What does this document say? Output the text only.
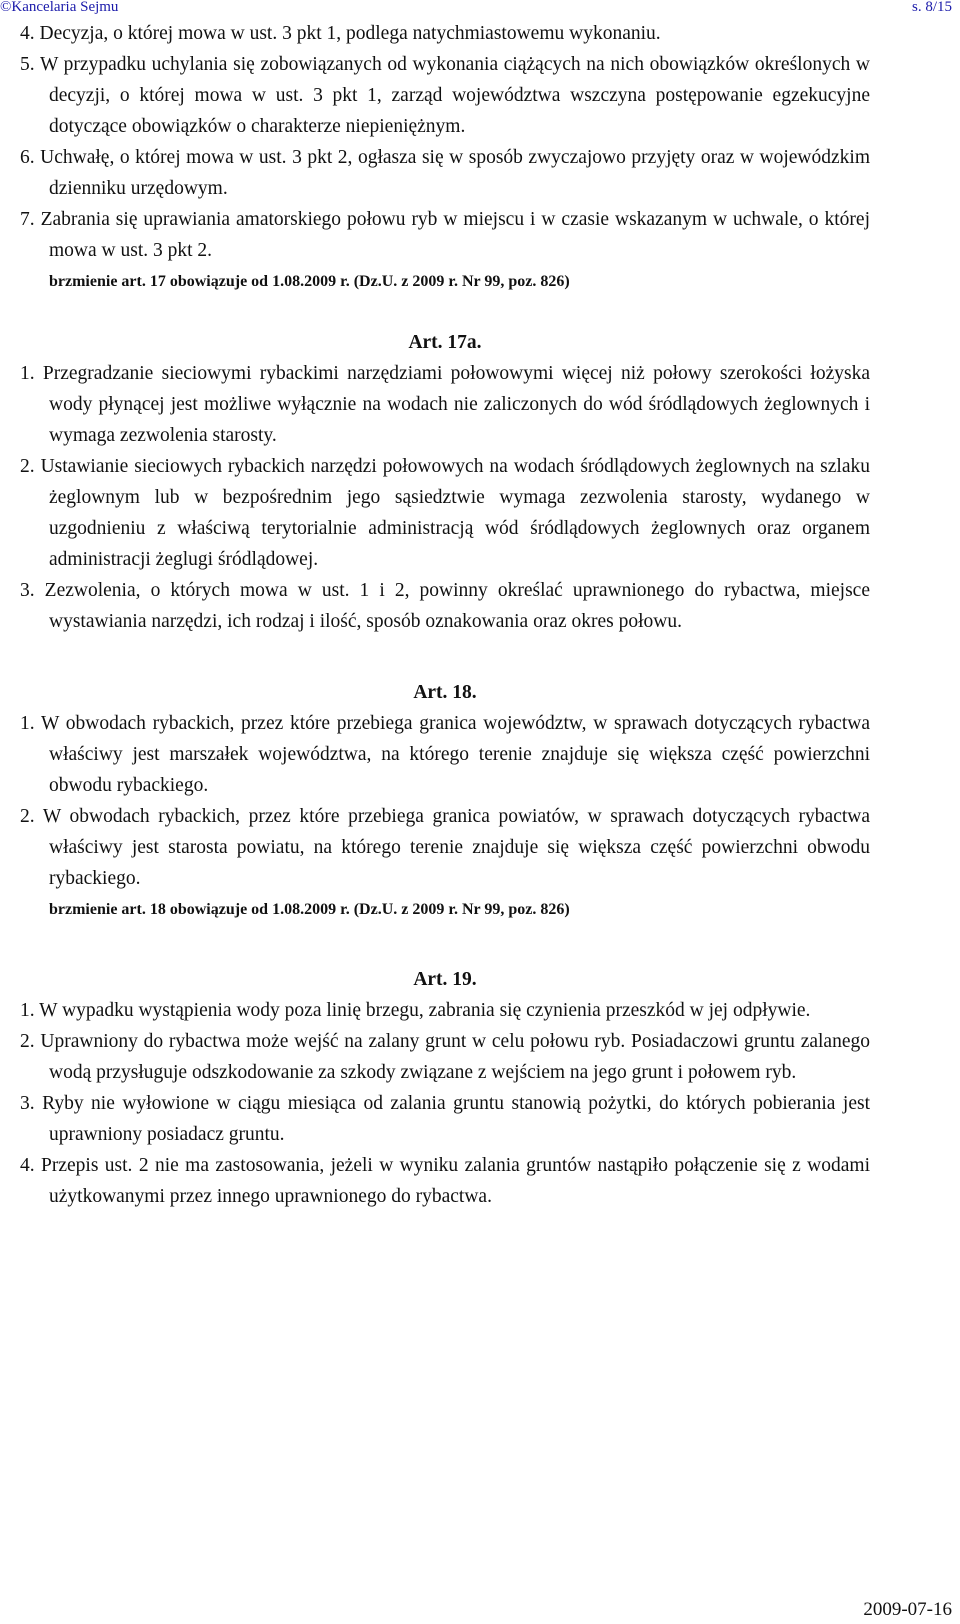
©Kancelaria Sejmu	s. 8/15

4. Decyzja, o której mowa w ust. 3 pkt 1, podlega natychmiastowemu wykonaniu.

5. W przypadku uchylania się zobowiązanych od wykonania ciążących na nich obowiązków określonych w decyzji, o której mowa w ust. 3 pkt 1, zarząd województwa wszczyna postępowanie egzekucyjne dotyczące obowiązków o charakterze niepieniężnym.

6. Uchwałę, o której mowa w ust. 3 pkt 2, ogłasza się w sposób zwyczajowo przyjęty oraz w wojewódzkim dzienniku urzędowym.

7. Zabrania się uprawiania amatorskiego połowu ryb w miejscu i w czasie wskazanym w uchwale, o której mowa w ust. 3 pkt 2.

brzmienie art. 17 obowiązuje od 1.08.2009 r. (Dz.U. z 2009 r. Nr 99, poz. 826)

Art. 17a.

1. Przegradzanie sieciowymi rybackimi narzędziami połowowymi więcej niż połowy szerokości łożyska wody płynącej jest możliwe wyłącznie na wodach nie zaliczonych do wód śródlądowych żeglownych i wymaga zezwolenia starosty.

2. Ustawianie sieciowych rybackich narzędzi połowowych na wodach śródlądowych żeglownych na szlaku żeglownym lub w bezpośrednim jego sąsiedztwie wymaga zezwolenia starosty, wydanego w uzgodnieniu z właściwą terytorialnie administracją wód śródlądowych żeglownych oraz organem administracji żeglugi śródlądowej.

3. Zezwolenia, o których mowa w ust. 1 i 2, powinny określać uprawnionego do rybactwa, miejsce wystawiania narzędzi, ich rodzaj i ilość, sposób oznakowania oraz okres połowu.

Art. 18.

1. W obwodach rybackich, przez które przebiega granica województw, w sprawach dotyczących rybactwa właściwy jest marszałek województwa, na którego terenie znajduje się większa część powierzchni obwodu rybackiego.

2. W obwodach rybackich, przez które przebiega granica powiatów, w sprawach dotyczących rybactwa właściwy jest starosta powiatu, na którego terenie znajduje się większa część powierzchni obwodu rybackiego.

brzmienie art. 18 obowiązuje od 1.08.2009 r. (Dz.U. z 2009 r. Nr 99, poz. 826)

Art. 19.

1. W wypadku wystąpienia wody poza linię brzegu, zabrania się czynienia przeszkód w jej odpływie.

2. Uprawniony do rybactwa może wejść na zalany grunt w celu połowu ryb. Posiadaczowi gruntu zalanego wodą przysługuje odszkodowanie za szkody związane z wejściem na jego grunt i połowem ryb.

3. Ryby nie wyłowione w ciągu miesiąca od zalania gruntu stanowią pożytki, do których pobierania jest uprawniony posiadacz gruntu.

4. Przepis ust. 2 nie ma zastosowania, jeżeli w wyniku zalania gruntów nastąpiło połączenie się z wodami użytkowanymi przez innego uprawnionego do rybactwa.

2009-07-16
